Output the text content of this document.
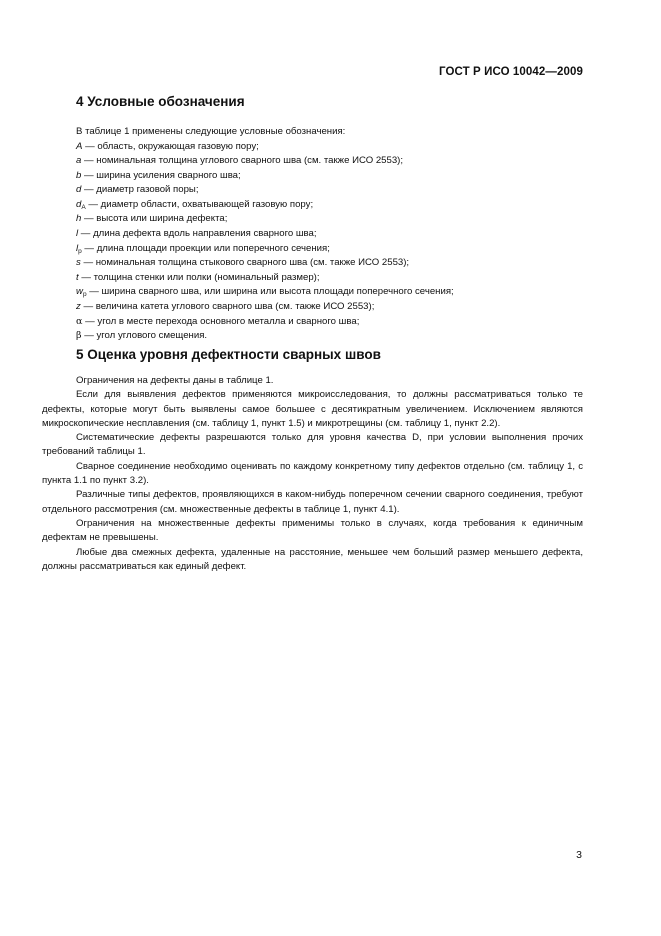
ГОСТ Р ИСО 10042—2009
4 Условные обозначения
В таблице 1 применены следующие условные обозначения:
A — область, окружающая газовую пору;
a — номинальная толщина углового сварного шва (см. также ИСО 2553);
b — ширина усиления сварного шва;
d — диаметр газовой поры;
$d_A$ — диаметр области, охватывающей газовую пору;
h — высота или ширина дефекта;
l — длина дефекта вдоль направления сварного шва;
$l_p$ — длина площади проекции или поперечного сечения;
s — номинальная толщина стыкового сварного шва (см. также ИСО 2553);
t — толщина стенки или полки (номинальный размер);
$w_p$ — ширина сварного шва, или ширина или высота площади поперечного сечения;
z — величина катета углового сварного шва (см. также ИСО 2553);
α — угол в месте перехода основного металла и сварного шва;
β — угол углового смещения.
5 Оценка уровня дефектности сварных швов

Ограничения на дефекты даны в таблице 1.

Если для выявления дефектов применяются микроисследования, то должны рассматриваться только те дефекты, которые могут быть выявлены самое большее с десятикратным увеличением. Исключением являются микроскопические несплавления (см. таблицу 1, пункт 1.5) и микротрещины (см. таблицу 1, пункт 2.2).

Систематические дефекты разрешаются только для уровня качества D, при условии выполнения прочих требований таблицы 1.

Сварное соединение необходимо оценивать по каждому конкретному типу дефектов отдельно (см. таблицу 1, с пункта 1.1 по пункт 3.2).

Различные типы дефектов, проявляющихся в каком-нибудь поперечном сечении сварного соединения, требуют отдельного рассмотрения (см. множественные дефекты в таблице 1, пункт 4.1).

Ограничения на множественные дефекты применимы только в случаях, когда требования к единичным дефектам не превышены.

Любые два смежных дефекта, удаленные на расстояние, меньшее чем больший размер меньшего дефекта, должны рассматриваться как единый дефект.

3
